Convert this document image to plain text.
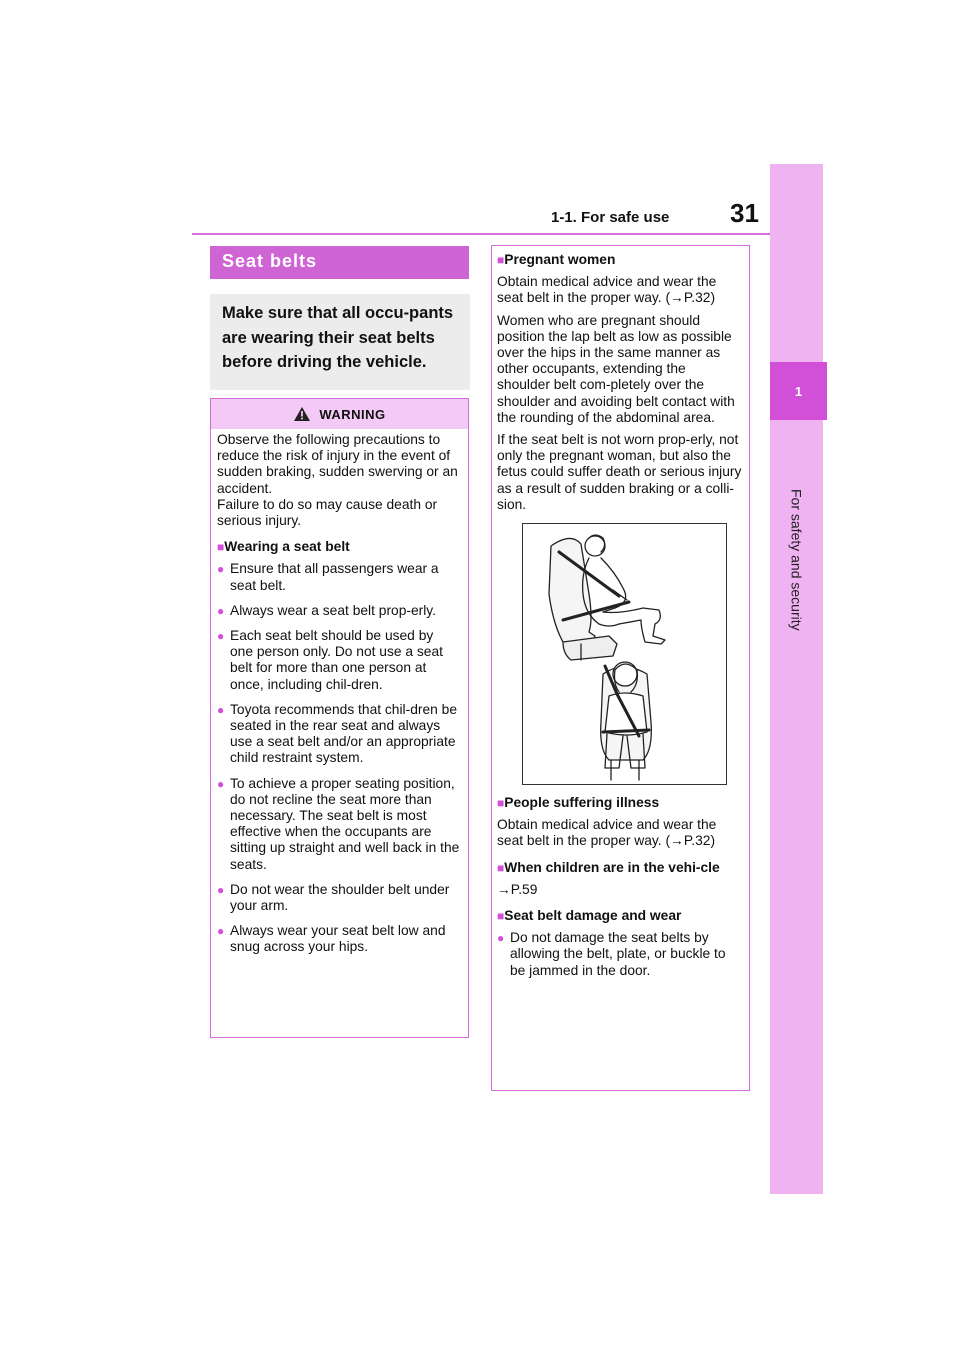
1-1. For safe use 31
1
For safety and security
Seat belts
Make sure that all occu-pants are wearing their seat belts before driving the vehicle.
WARNING
Observe the following precautions to reduce the risk of injury in the event of sudden braking, sudden swerving or an accident.
Failure to do so may cause death or serious injury.
■Wearing a seat belt
● Ensure that all passengers wear a seat belt.
● Always wear a seat belt prop-erly.
● Each seat belt should be used by one person only. Do not use a seat belt for more than one person at once, including chil-dren.
● Toyota recommends that chil-dren be seated in the rear seat and always use a seat belt and/or an appropriate child restraint system.
● To achieve a proper seating position, do not recline the seat more than necessary. The seat belt is most effective when the occupants are sitting up straight and well back in the seats.
● Do not wear the shoulder belt under your arm.
● Always wear your seat belt low and snug across your hips.
■Pregnant women
Obtain medical advice and wear the seat belt in the proper way. (→P.32)
Women who are pregnant should position the lap belt as low as possible over the hips in the same manner as other occupants, extending the shoulder belt com-pletely over the shoulder and avoiding belt contact with the rounding of the abdominal area.
If the seat belt is not worn prop-erly, not only the pregnant woman, but also the fetus could suffer death or serious injury as a result of sudden braking or a colli-sion.
■People suffering illness
Obtain medical advice and wear the seat belt in the proper way. (→P.32)
■ When children are in the vehi-cle
→P.59
■Seat belt damage and wear
● Do not damage the seat belts by allowing the belt, plate, or buckle to be jammed in the door.
